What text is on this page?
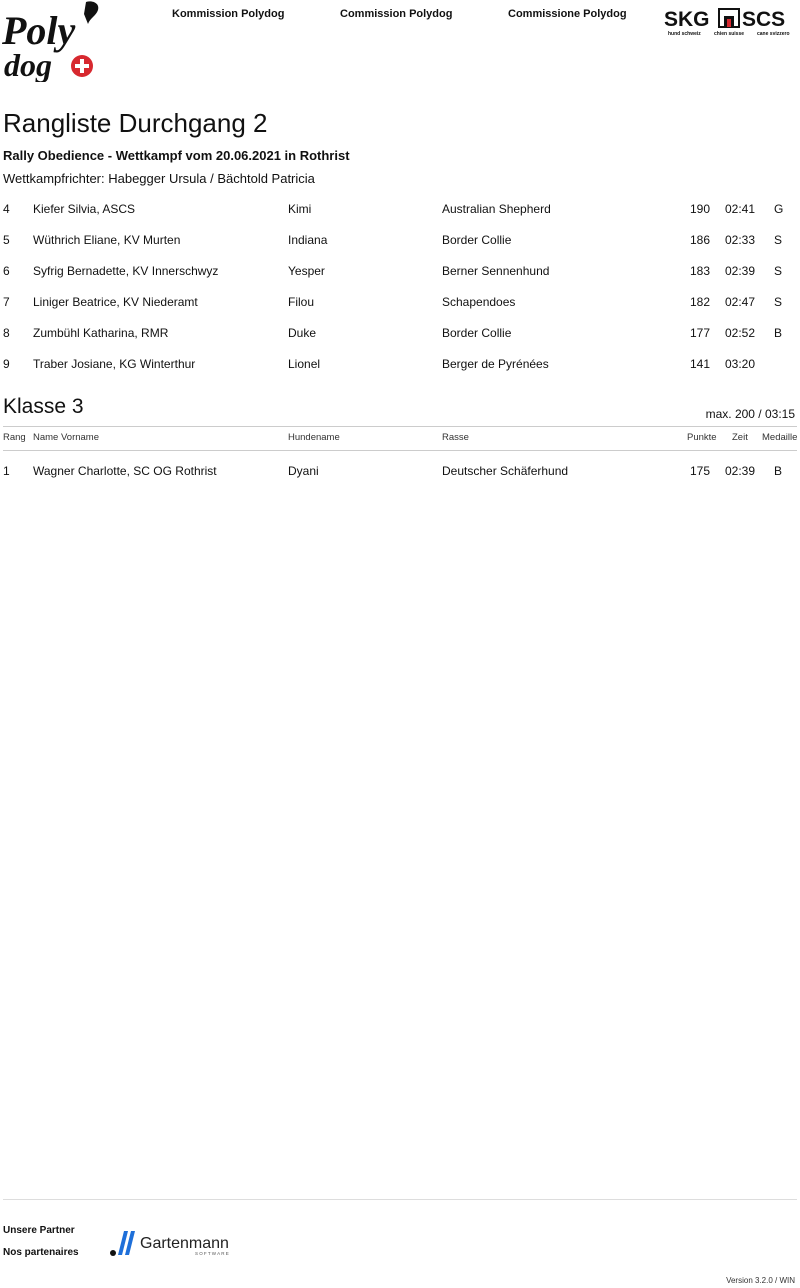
Poly
dog
Kommission Polydog	Commission Polydog	Commissione Polydog SKG SCS
hund schweiz	chien suisse	cane svizzero
Rangliste Durchgang 2
Rally Obedience - Wettkampf vom 20.06.2021 in Rothrist
Wettkampfrichter: Habegger Ursula / Bächtold Patricia
4 Kiefer Silvia, ASCS	Kimi	Australian Shepherd	190 02:41 G
5 Wüthrich Eliane, KV Murten	Indiana	Border Collie	186 02:33 S
6 Syfrig Bernadette, KV Innerschwyz	Yesper	Berner Sennenhund	183 02:39 S
7 Liniger Beatrice, KV Niederamt	Filou	Schapendoes	182 02:47 S
8 Zumbühl Katharina, RMR	Duke	Border Collie	177 02:52 B
9 Traber Josiane, KG Winterthur	Lionel	Berger de Pyrénées	141 03:20
Klasse 3	max. 200 / 03:15
Rang Name Vorname	Hundename	Rasse	Punkte Zeit Medaille
1 Wagner Charlotte, SC OG Rothrist	Dyani	Deutscher Schäferhund	175 02:39 B
Unsere Partner
Nos partenaires
Gartenmann
SOFTWARE
Version 3.2.0 / WIN
